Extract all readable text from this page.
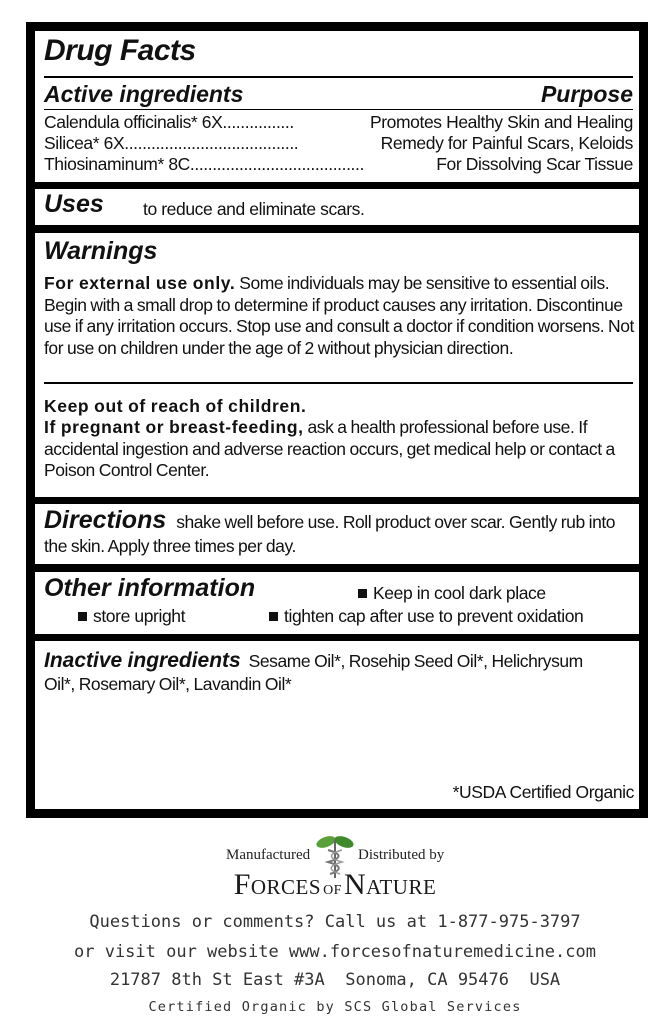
Drug Facts
Active ingredients	Purpose
Calendula officinalis* 6X ................	Promotes Healthy Skin and Healing
Silicea* 6X .......................................	Remedy for Painful Scars, Keloids
Thiosinaminum* 8C .......................................	For Dissolving Scar Tissue
Uses to reduce and eliminate scars.
Warnings
For external use only. Some individuals may be sensitive to essential oils. Begin with a small drop to determine if product causes any irritation. Discontinue use if any irritation occurs. Stop use and consult a doctor if condition worsens. Not for use on children under the age of 2 without physician direction.
Keep out of reach of children.
If pregnant or breast-feeding, ask a health professional before use. If accidental ingestion and adverse reaction occurs, get medical help or contact a Poison Control Center.
Directions shake well before use. Roll product over scar. Gently rub into the skin. Apply three times per day.
Other information	Keep in cool dark place
store upright	tighten cap after use to prevent oxidation
Inactive ingredients Sesame Oil*, Rosehip Seed Oil*, Helichrysum Oil*, Rosemary Oil*, Lavandin Oil*
*USDA Certified Organic
Manufactured	Distributed by
Forces ofNature
Questions or comments? Call us at 1-877-975-3797
or visit our website www.forcesofnaturemedicine.com
21787 8th St East #3A  Sonoma, CA 95476  USA
Certified Organic by SCS Global Services
